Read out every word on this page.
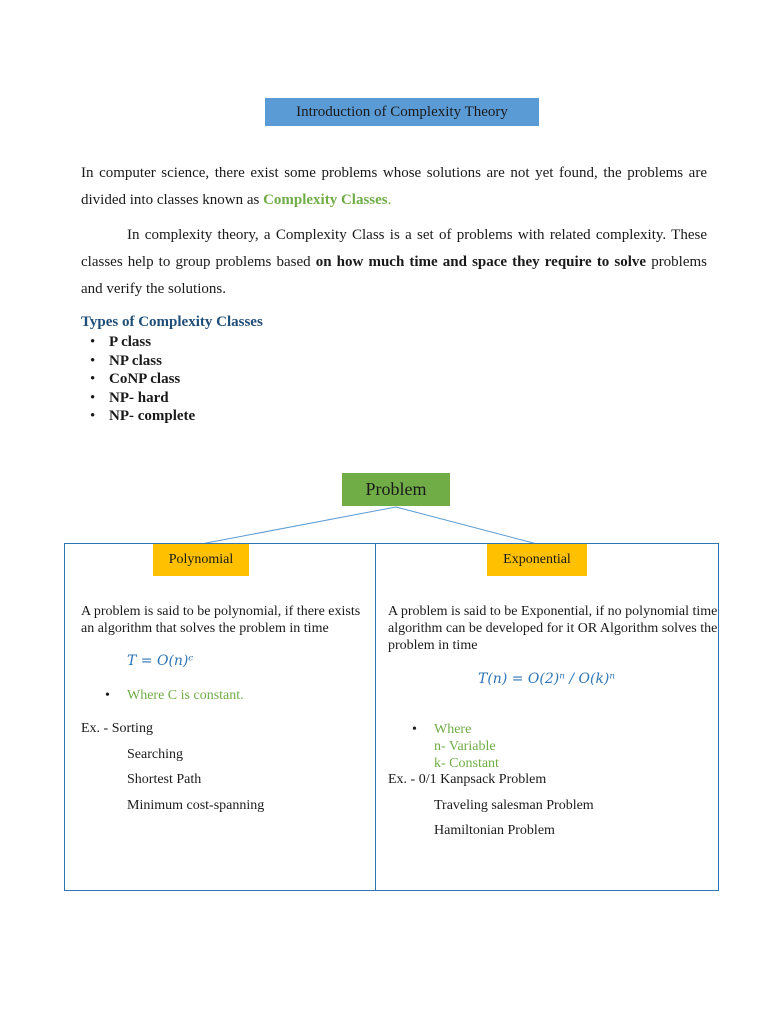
Introduction of Complexity Theory
In computer science, there exist some problems whose solutions are not yet found, the problems are divided into classes known as Complexity Classes.
In complexity theory, a Complexity Class is a set of problems with related complexity. These classes help to group problems based on how much time and space they require to solve problems and verify the solutions.
Types of Complexity Classes
• P class
• NP class
• CoNP class
• NP- hard
• NP- complete
Problem
Polynomial	Exponential
A problem is said to be polynomial, if there exists an algorithm that solves the problem in time
T = O(n)ᶜ
• Where C is constant.
Ex. - Sorting
Searching
Shortest Path
Minimum cost-spanning
A problem is said to be Exponential, if no polynomial time algorithm can be developed for it OR Algorithm solves the problem in time
T(n) = O(2)ⁿ / O(k)ⁿ
• Where
n- Variable
k- Constant
Ex. - 0/1 Kanpsack Problem
Traveling salesman Problem
Hamiltonian Problem
